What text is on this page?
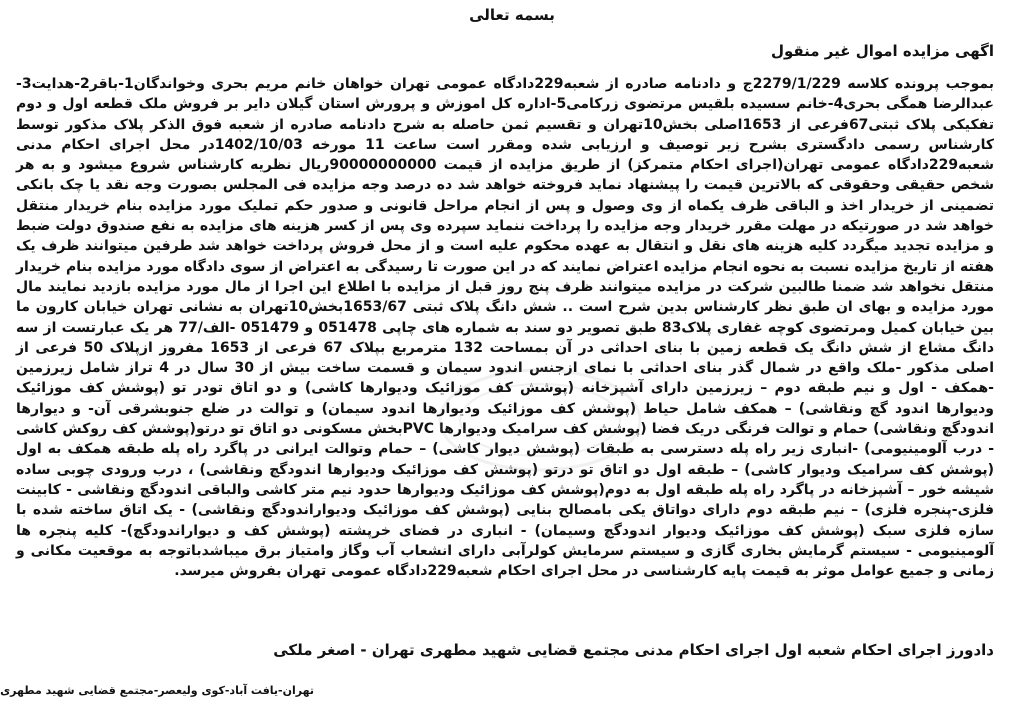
بسمه تعالی
اگهی مزایده اموال غیر منقول
بموجب پرونده کلاسه 2279/1/229ج و دادنامه صادره از شعبه229دادگاه عمومی تهران خواهان خانم مریم بحری وخواندگان1-باقر2-هدایت3-عبدالرضا همگی بحری4-خانم سسیده بلقیس مرتضوی زرکامی5-اداره کل اموزش و پرورش استان گیلان دایر بر فروش ملک قطعه اول و دوم تفکیکی پلاک ثبتی67فرعی از 1653اصلی بخش10تهران و تقسیم ثمن حاصله به شرح دادنامه صادره از شعبه فوق الذکر پلاک مذکور توسط کارشناس رسمی دادگستری بشرح زیر توصیف و ارزیابی شده ومقرر است ساعت 11 مورخه 1402/10/03در محل اجرای احکام مدنی شعبه229دادگاه عمومی تهران(اجرای احکام متمرکز) از طریق مزایده از قیمت 90000000000ریال نظریه کارشناس شروع میشود و به هر شخص حقیقی وحقوقی که بالاترین قیمت را پیشنهاد نماید فروخته خواهد شد ده درصد وجه مزایده فی المجلس بصورت وجه نقد یا چک بانکی تضمینی از خریدار اخذ و الباقی ظرف یکماه از وی وصول و پس از انجام مراحل قانونی و صدور حکم تملیک مورد مزایده بنام خریدار منتقل خواهد شد در صورتیکه در مهلت مقرر خریدار وجه مزایده را پرداخت ننماید سپرده وی پس از کسر هزینه های مزایده به نفع صندوق دولت ضبط و مزایده تجدید میگردد کلیه هزینه های نقل و انتقال به عهده محکوم علیه است و از محل فروش پرداخت خواهد شد طرفین میتوانند ظرف یک هفته از تاریخ مزایده نسبت به نحوه انجام مزایده اعتراض نمایند که در این صورت تا رسیدگی به اعتراض از سوی دادگاه مورد مزایده بنام خریدار منتقل نخواهد شد ضمنا طالبین شرکت در مزایده میتوانند ظرف پنج روز قبل از مزایده با اطلاع این اجرا از مال مورد مزایده بازدید نمایند مال مورد مزایده و بهای ان طبق نظر کارشناس بدین شرح است .. شش دانگ پلاک ثبتی 1653/67بخش10تهران به نشانی تهران خیابان کارون ما بین خیابان کمیل ومرتضوی کوچه غفاری پلاک83 طبق تصویر دو سند به شماره های چاپی 051478 و 051479 -الف/77 هر یک عبارتست از سه دانگ مشاع از شش دانگ یک قطعه زمین با بنای احداثی در آن بمساحت 132 مترمربع بپلاک 67 فرعی از 1653 مفروز ازپلاک 50 فرعی از اصلی مذکور -ملک واقع در شمال گذر بنای احداثی با نمای ازجنس اندود سیمان و قسمت ساخت بیش از 30 سال در 4 تراز شامل زیرزمین -همکف - اول و نیم طبقه دوم – زیرزمین دارای آشپزخانه (پوشش کف موزائیک وديوارها کاشی) و دو اتاق تودر تو (پوشش کف موزائیک وديوارها اندود گچ ونقاشی) – همکف شامل حیاط (پوشش کف موزائیک وديوارها اندود سیمان) و توالت در ضلع جنوبشرقی آن- و دیوارها اندودگچ ونقاشی) حمام و توالت فرنگی دریک فضا (پوشش کف سرامیک ودیوارها PVCبخش مسکونی دو اتاق تو درتو(پوشش کف روکش کاشی - درب آلومینیومی) -انباری زیر راه پله دسترسی به طبقات (پوشش دیوار کاشی) – حمام وتوالت ایرانی در پاگرد راه پله طبقه همکف به اول (پوشش کف سرامیک ودیوار کاشی) – طبقه اول دو اتاق تو درتو (پوشش کف موزائیک وديوارها اندودگچ ونقاشی) ، درب ورودی چوبی ساده شیشه خور – آشپزخانه در پاگرد راه پله طبقه اول به دوم(پوشش کف موزائیک وديوارها حدود نیم متر کاشی والباقی اندودگچ ونقاشی - کابینت فلزی-پنجره فلزی) – نیم طبقه دوم دارای دواتاق یکی بامصالح بنایی (پوشش کف موزائیک وديواراندودگچ ونقاشی) - یک اتاق ساخته شده با سازه فلزی سبک (پوشش کف موزائیک وديوار اندودگچ وسیمان) - انباری در فضای خرپشته (پوشش کف و ديواراندودگچ)- کلیه پنجره ها آلومینیومی - سیستم گرمایش بخاری گازی و سیستم سرمایش کولرآبی دارای انشعاب آب وگاز وامتیاز برق میباشدباتوجه به موقعیت مکانی و زمانی و جمیع عوامل موثر به قیمت پایه کارشناسی در محل اجرای احکام شعبه229دادگاه عمومی تهران بفروش میرسد.
دادورز اجرای احکام شعبه اول اجرای احکام مدنی مجتمع قضایی شهید مطهری تهران - اصغر ملکی
تهران-یافت آباد-کوی ولیعصر-مجتمع قضایی شهید مطهری
